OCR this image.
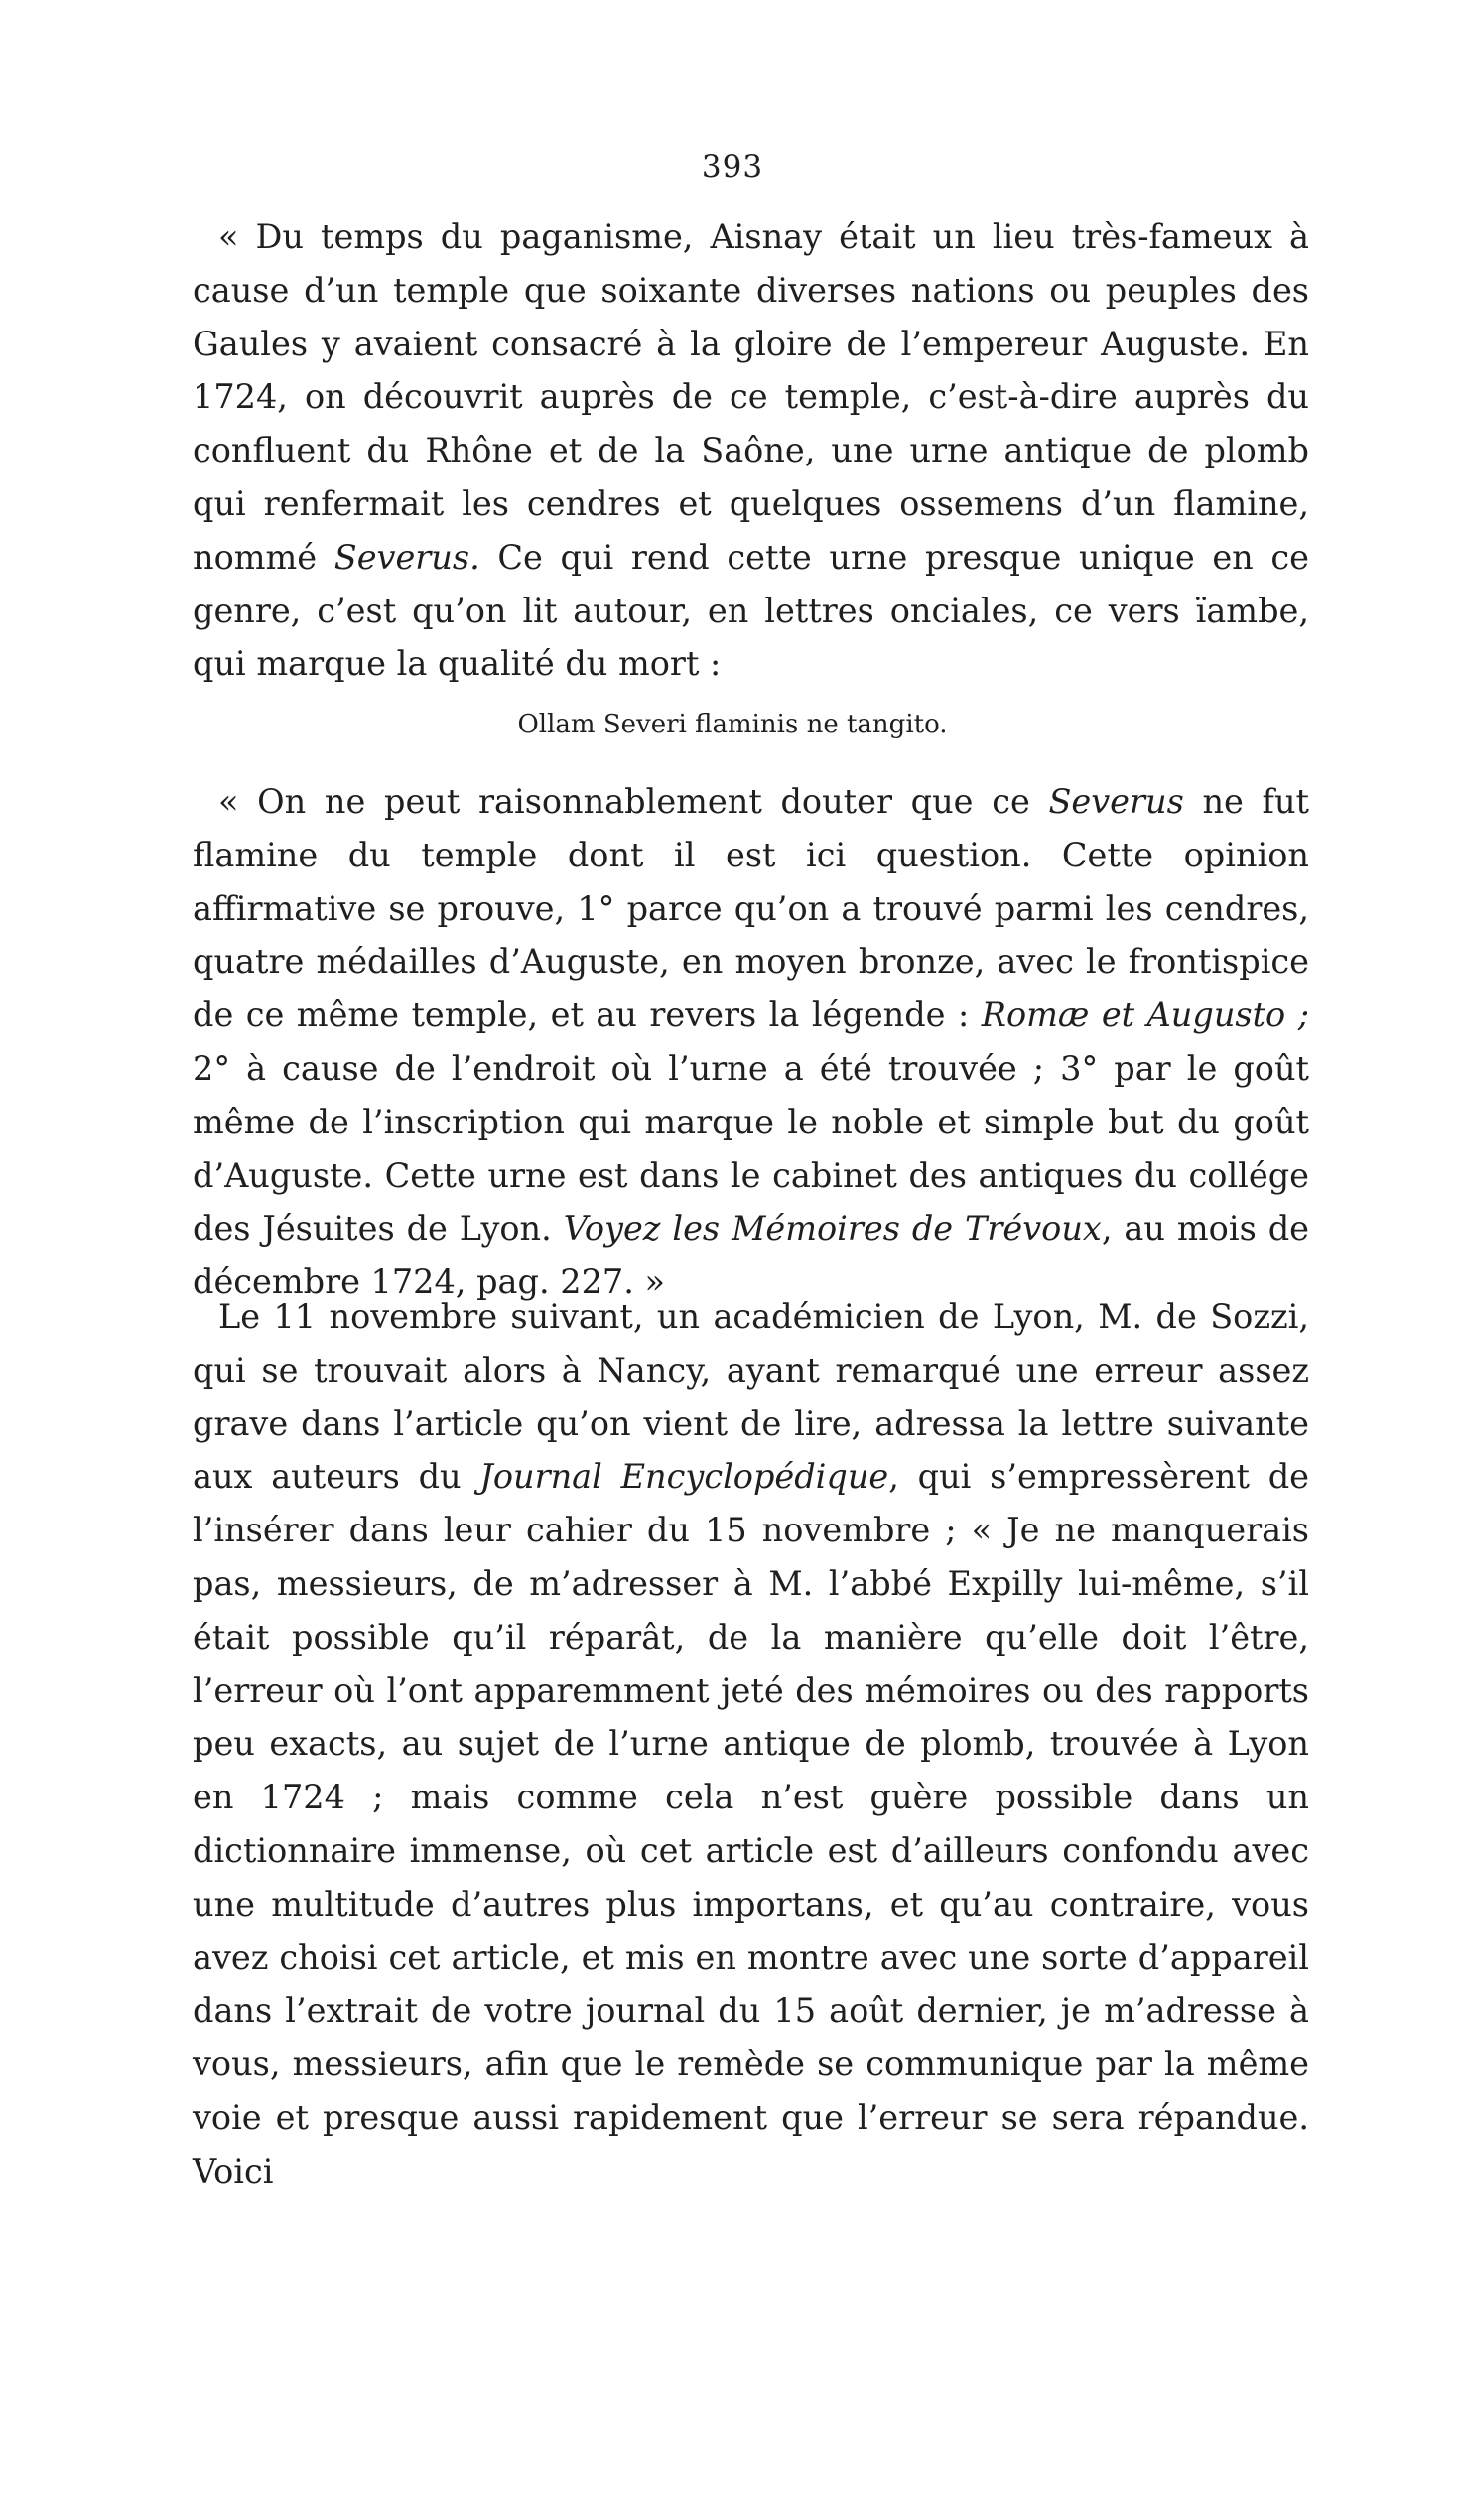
393

« Du temps du paganisme, Aisnay était un lieu très-fameux à cause d’un temple que soixante diverses nations ou peuples des Gaules y avaient consacré à la gloire de l’empereur Auguste. En 1724, on découvrit auprès de ce temple, c’est-à-dire auprès du confluent du Rhône et de la Saône, une urne antique de plomb qui renfermait les cendres et quelques ossemens d’un flamine, nommé Severus. Ce qui rend cette urne presque unique en ce genre, c’est qu’on lit autour, en lettres onciales, ce vers ïambe, qui marque la qualité du mort :

Ollam Severi flaminis ne tangito.

« On ne peut raisonnablement douter que ce Severus ne fut flamine du temple dont il est ici question. Cette opinion affirmative se prouve, 1° parce qu’on a trouvé parmi les cendres, quatre médailles d’Auguste, en moyen bronze, avec le frontispice de ce même temple, et au revers la légende : Romæ et Augusto ; 2° à cause de l’endroit où l’urne a été trouvée ; 3° par le goût même de l’inscription qui marque le noble et simple but du goût d’Auguste. Cette urne est dans le cabinet des antiques du collége des Jésuites de Lyon. Voyez les Mémoires de Trévoux, au mois de décembre 1724, pag. 227. »

Le 11 novembre suivant, un académicien de Lyon, M. de Sozzi, qui se trouvait alors à Nancy, ayant remarqué une erreur assez grave dans l’article qu’on vient de lire, adressa la lettre suivante aux auteurs du Journal Encyclopédique, qui s’empressèrent de l’insérer dans leur cahier du 15 novembre ; « Je ne manquerais pas, messieurs, de m’adresser à M. l’abbé Expilly lui-même, s’il était possible qu’il réparât, de la manière qu’elle doit l’être, l’erreur où l’ont apparemment jeté des mémoires ou des rapports peu exacts, au sujet de l’urne antique de plomb, trouvée à Lyon en 1724 ; mais comme cela n’est guère possible dans un dictionnaire immense, où cet article est d’ailleurs confondu avec une multitude d’autres plus importans, et qu’au contraire, vous avez choisi cet article, et mis en montre avec une sorte d’appareil dans l’extrait de votre journal du 15 août dernier, je m’adresse à vous, messieurs, afin que le remède se communique par la même voie et presque aussi rapidement que l’erreur se sera répandue. Voici
